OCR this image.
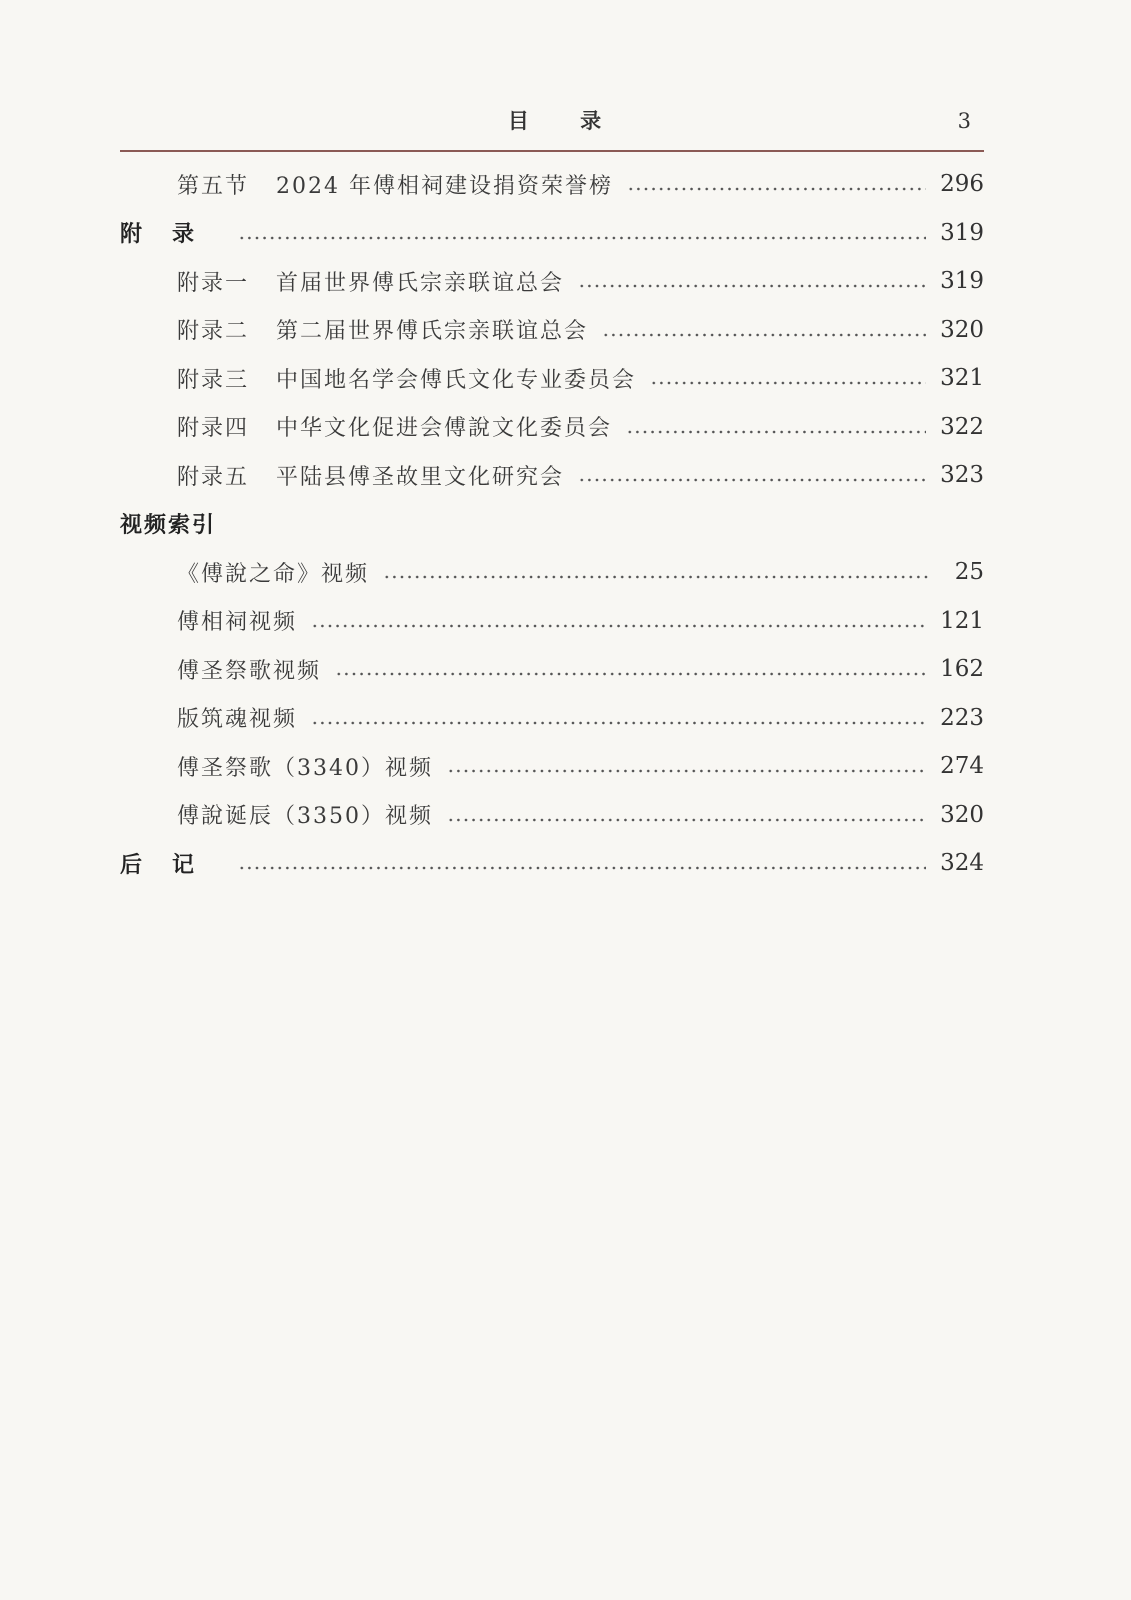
目 录	3
第五节   2024 年傅相祠建设捐资荣誉榜	296
附录	319
附录一   首届世界傅氏宗亲联谊总会	319
附录二   第二届世界傅氏宗亲联谊总会	320
附录三   中国地名学会傅氏文化专业委员会	321
附录四   中华文化促进会傅說文化委员会	322
附录五   平陆县傅圣故里文化研究会	323
视频索引
《傅說之命》视频	25
傅相祠视频	121
傅圣祭歌视频	162
版筑魂视频	223
傅圣祭歌（3340）视频	274
傅說诞辰（3350）视频	320
后记	324
